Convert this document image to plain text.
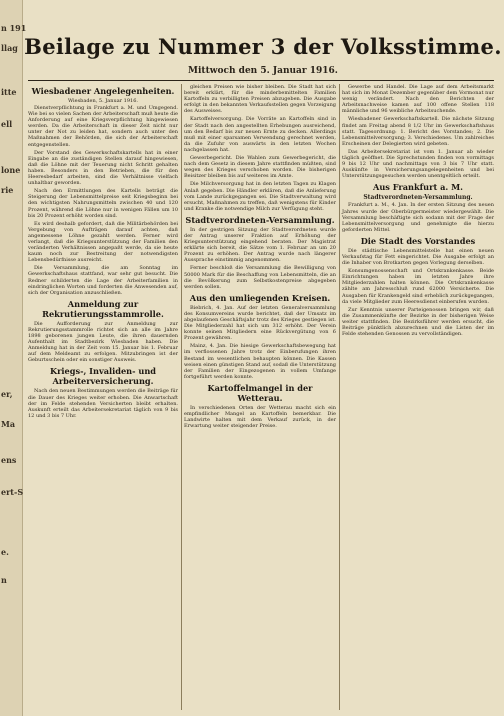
n 191
llag
itte
ell
lone
rie
er,
Ma
ens
ert-S
e.
n
Beilage zu Nummer 3 der Volksstimme.
Mittwoch den 5. Januar 1916.
Wiesbadener Angelegenheiten.
Wiesbaden, 5. Januar 1916.

Dienstverpflichtung in Frankfurt a. M. und Umgegend. Wie bei so vielen Sachen der Arbeiterschaft muß heute die Anforderung auf eine Kriegsverpflichtung hingewiesen werden. Da die Arbeiterschaft in dieser Zeit nicht nur unter der Not zu leiden hat, sondern auch unter den Maßnahmen der Behörden, die sich der Arbeiterschaft entgegenstellen.

Der Vorstand des Gewerkschaftskartells hat in einer Eingabe an die zuständigen Stellen darauf hingewiesen, daß die Löhne mit der Teuerung nicht Schritt gehalten haben. Besonders in den Betrieben, die für den Heeresbedarf arbeiten, sind die Verhältnisse vielfach unhaltbar geworden.

Nach den Ermittlungen des Kartells beträgt die Steigerung der Lebensmittelpreise seit Kriegsbeginn bei den wichtigsten Nahrungsmitteln zwischen 40 und 120 Prozent, während die Löhne nur in wenigen Fällen um 10 bis 20 Prozent erhöht worden sind.

Es wird deshalb gefordert, daß die Militärbehörden bei Vergebung von Aufträgen darauf achten, daß angemessene Löhne gezahlt werden. Ferner wird verlangt, daß die Kriegsunterstützung der Familien den veränderten Verhältnissen angepaßt werde, da sie heute kaum noch zur Bestreitung der notwendigsten Lebensbedürfnisse ausreicht.

Die Versammlung, die am Sonntag im Gewerkschaftshaus stattfand, war sehr gut besucht. Die Redner schilderten die Lage der Arbeiterfamilien in eindringlichen Worten und forderten die Anwesenden auf, sich der Organisation anzuschließen.

Anmeldung zur Rekrutierungsstammrolle.

Die Aufforderung zur Anmeldung zur Rekrutierungsstammrolle richtet sich an alle im Jahre 1898 geborenen jungen Leute, die ihren dauernden Aufenthalt im Stadtbezirk Wiesbaden haben. Die Anmeldung hat in der Zeit vom 15. Januar bis 1. Februar auf dem Meldeamt zu erfolgen. Mitzubringen ist der Geburtsschein oder ein sonstiger Ausweis.

Kriegs-, Invaliden- und Arbeiterversicherung.

Nach den neuen Bestimmungen werden die Beiträge für die Dauer des Krieges weiter erhoben. Die Anwartschaft der im Felde stehenden Versicherten bleibt erhalten. Auskunft erteilt das Arbeitersekretariat täglich von 9 bis 12 und 3 bis 7 Uhr.

gleichen Preisen wie bisher bleiben. Die Stadt hat sich bereit erklärt, für die minderbemittelten Familien Kartoffeln zu verbilligten Preisen abzugeben. Die Ausgabe erfolgt in den bekannten Verkaufsstellen gegen Vorzeigung des Ausweises.

Kartoffelversorgung. Die Vorräte an Kartoffeln sind in der Stadt nach den angestellten Erhebungen ausreichend, um den Bedarf bis zur neuen Ernte zu decken. Allerdings muß mit einer sparsamen Verwendung gerechnet werden, da die Zufuhr von auswärts in den letzten Wochen nachgelassen hat.

Gewerbegericht. Die Wahlen zum Gewerbegericht, die nach dem Gesetz in diesem Jahre stattfinden müßten, sind wegen des Krieges verschoben worden. Die bisherigen Beisitzer bleiben bis auf weiteres im Amte.

Die Milchversorgung hat in den letzten Tagen zu Klagen Anlaß gegeben. Die Händler erklären, daß die Anlieferung vom Lande zurückgegangen sei. Die Stadtverwaltung wird ersucht, Maßnahmen zu treffen, daß wenigstens für Kinder und Kranke die notwendige Milch zur Verfügung steht.

Stadtverordneten-Versammlung.

In der gestrigen Sitzung der Stadtverordneten wurde der Antrag unserer Fraktion auf Erhöhung der Kriegsunterstützung eingehend beraten. Der Magistrat erklärte sich bereit, die Sätze vom 1. Februar an um 20 Prozent zu erhöhen. Der Antrag wurde nach längerer Aussprache einstimmig angenommen.

Ferner beschloß die Versammlung die Bewilligung von 50000 Mark für die Beschaffung von Lebensmitteln, die an die Bevölkerung zum Selbstkostenpreise abgegeben werden sollen.

Aus den umliegenden Kreisen.

Biebrich, 4. Jan. Auf der letzten Generalversammlung des Konsumvereins wurde berichtet, daß der Umsatz im abgelaufenen Geschäftsjahr trotz des Krieges gestiegen ist. Die Mitgliederzahl hat sich um 312 erhöht. Der Verein konnte seinen Mitgliedern eine Rückvergütung von 6 Prozent gewähren.

Mainz, 4. Jan. Die hiesige Gewerkschaftsbewegung hat im verflossenen Jahre trotz der Einberufungen ihren Bestand im wesentlichen behaupten können. Die Kassen weisen einen günstigen Stand auf, sodaß die Unterstützung der Familien der Eingezogenen in vollem Umfange fortgeführt werden konnte.

Kartoffelmangel in der Wetterau.

In verschiedenen Orten der Wetterau macht sich ein empfindlicher Mangel an Kartoffeln bemerkbar. Die Landwirte halten mit dem Verkauf zurück, in der Erwartung weiter steigender Preise.

Gewerbe und Handel. Die Lage auf dem Arbeitsmarkt hat sich im Monat Dezember gegenüber dem Vormonat nur wenig verändert. Nach den Berichten der Arbeitsnachweise kamen auf 100 offene Stellen 118 männliche und 96 weibliche Arbeitsuchende.

Wiesbadener Gewerkschaftskartell. Die nächste Sitzung findet am Freitag abend 8 1/2 Uhr im Gewerkschaftshaus statt. Tagesordnung: 1. Bericht des Vorstandes; 2. Die Lebensmittelversorgung; 3. Verschiedenes. Um zahlreiches Erscheinen der Delegierten wird gebeten.

Das Arbeitersekretariat ist vom 1. Januar ab wieder täglich geöffnet. Die Sprechstunden finden von vormittags 9 bis 12 Uhr und nachmittags von 3 bis 7 Uhr statt. Auskünfte in Versicherungsangelegenheiten und bei Unterstützungsgesuchen werden unentgeltlich erteilt.

Aus Frankfurt a. M.
Stadtverordneten-Versammlung.

Frankfurt a. M., 4. Jan. In der ersten Sitzung des neuen Jahres wurde der Oberbürgermeister wiedergewählt. Die Versammlung beschäftigte sich sodann mit der Frage der Lebensmittelversorgung und genehmigte die hierzu geforderten Mittel.

Die Stadt des Vorstandes

Die städtische Lebensmittelstelle hat einen neuen Verkaufstag für Fett eingerichtet. Die Ausgabe erfolgt an die Inhaber von Brotkarten gegen Vorlegung derselben.

Konsumgenossenschaft und Ortskrankenkasse. Beide Einrichtungen haben im letzten Jahre ihre Mitgliederzahlen halten können. Die Ortskrankenkasse zählte am Jahresschluß rund 62000 Versicherte. Die Ausgaben für Krankengeld sind erheblich zurückgegangen, da viele Mitglieder zum Heeresdienst einberufen wurden.

Zur Kenntnis unserer Parteigenossen bringen wir, daß die Zusammenkünfte der Bezirke in der bisherigen Weise weiter stattfinden. Die Bezirksführer werden ersucht, die Beiträge pünktlich abzurechnen und die Listen der im Felde stehenden Genossen zu vervollständigen.
